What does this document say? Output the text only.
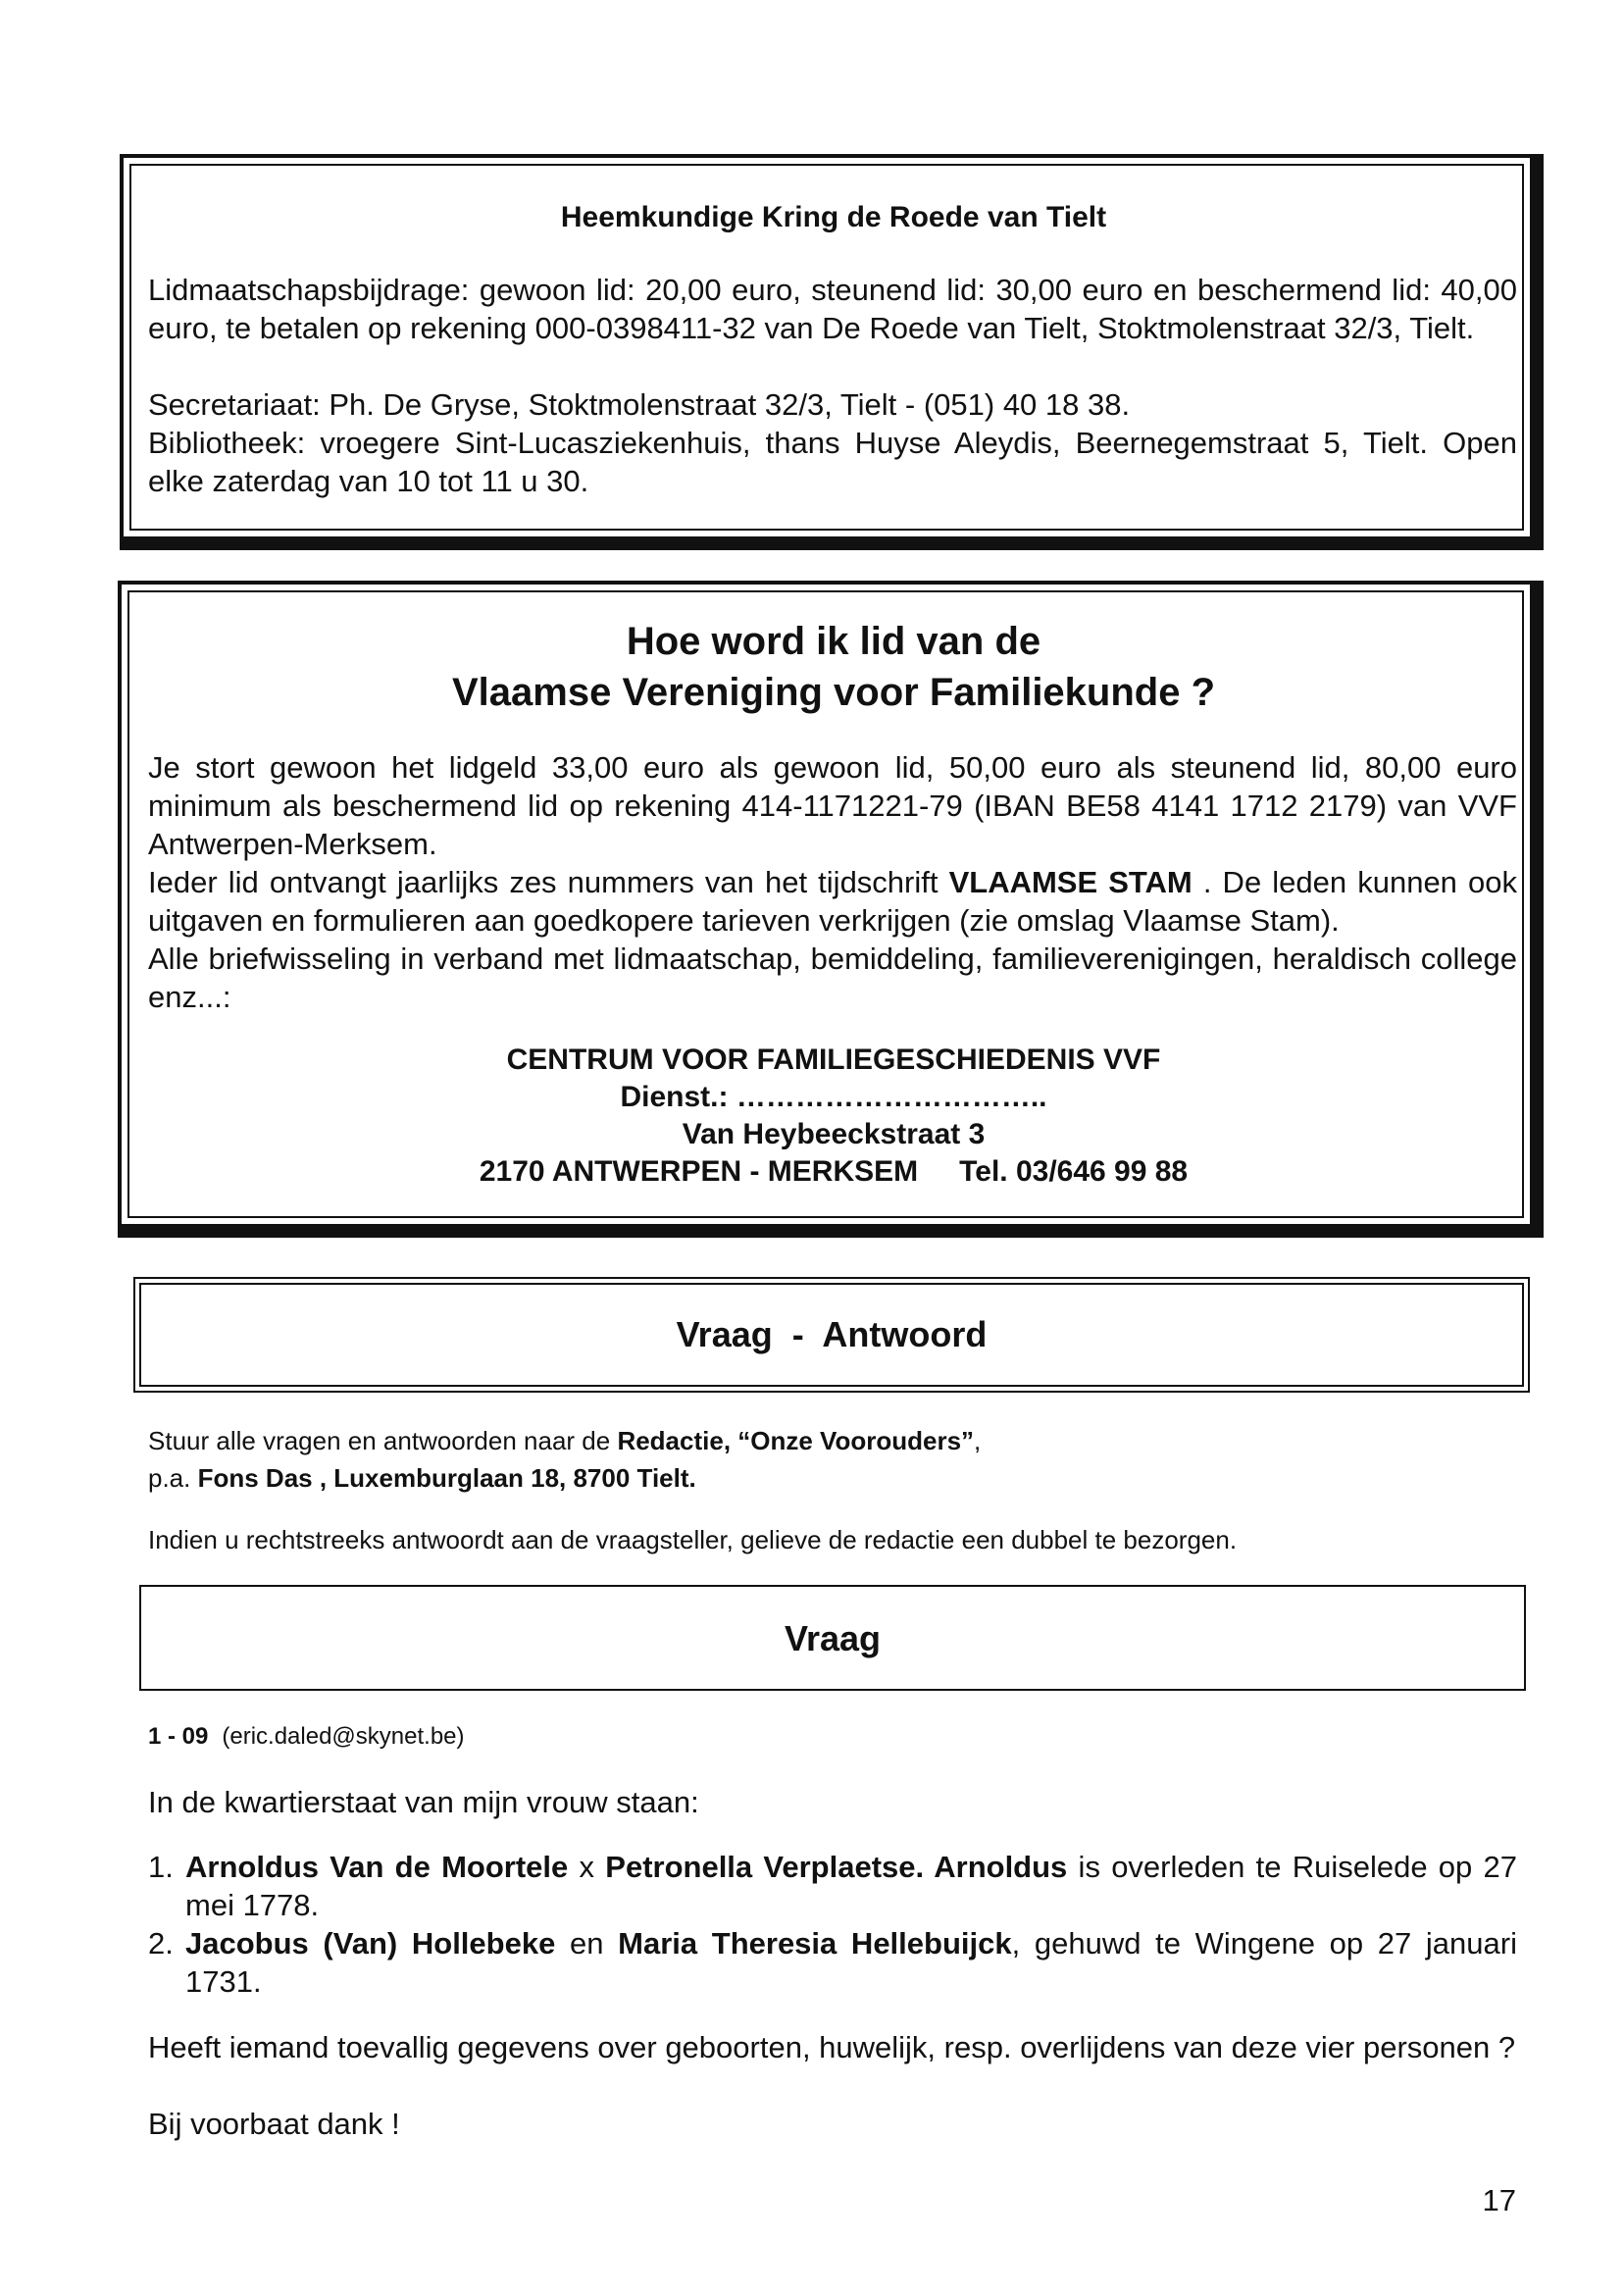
Heemkundige Kring de Roede van Tielt
Lidmaatschapsbijdrage: gewoon lid: 20,00 euro, steunend lid: 30,00 euro en beschermend lid: 40,00 euro, te betalen op rekening 000-0398411-32 van De Roede van Tielt, Stoktmolenstraat 32/3, Tielt.
Secretariaat: Ph. De Gryse, Stoktmolenstraat 32/3, Tielt - (051) 40 18 38.
Bibliotheek: vroegere Sint-Lucasziekenhuis, thans Huyse Aleydis, Beernegemstraat 5, Tielt. Open elke zaterdag van 10 tot 11 u 30.
Hoe word ik lid van de
Vlaamse Vereniging voor Familiekunde ?
Je stort gewoon het lidgeld 33,00 euro als gewoon lid, 50,00 euro als steunend lid, 80,00 euro minimum als beschermend lid op rekening 414-1171221-79 (IBAN BE58 4141 1712 2179) van VVF Antwerpen-Merksem.
Ieder lid ontvangt jaarlijks zes nummers van het tijdschrift VLAAMSE STAM . De leden kunnen ook uitgaven en formulieren aan goedkopere tarieven verkrijgen (zie omslag Vlaamse Stam).
Alle briefwisseling in verband met lidmaatschap, bemiddeling, familieverenigingen, heraldisch college enz...:
CENTRUM VOOR FAMILIEGESCHIEDENIS VVF
Dienst.: …………………………..
Van Heybeeckstraat 3
2170 ANTWERPEN - MERKSEM Tel. 03/646 99 88
Vraag  -  Antwoord
Stuur alle vragen en antwoorden naar de Redactie, “Onze Voorouders”,
p.a. Fons Das , Luxemburglaan 18, 8700 Tielt.
Indien u rechtstreeks antwoordt aan de vraagsteller, gelieve de redactie een dubbel te bezorgen.
Vraag
1 - 09 (eric.daled@skynet.be)
In de kwartierstaat van mijn vrouw staan:
1. Arnoldus Van de Moortele x Petronella Verplaetse. Arnoldus is overleden te Ruiselede op 27 mei 1778.
2. Jacobus (Van) Hollebeke en Maria Theresia Hellebuijck, gehuwd te Wingene op 27 januari 1731.
Heeft iemand toevallig gegevens over geboorten, huwelijk, resp. overlijdens van deze vier personen ?
Bij voorbaat dank !
17
